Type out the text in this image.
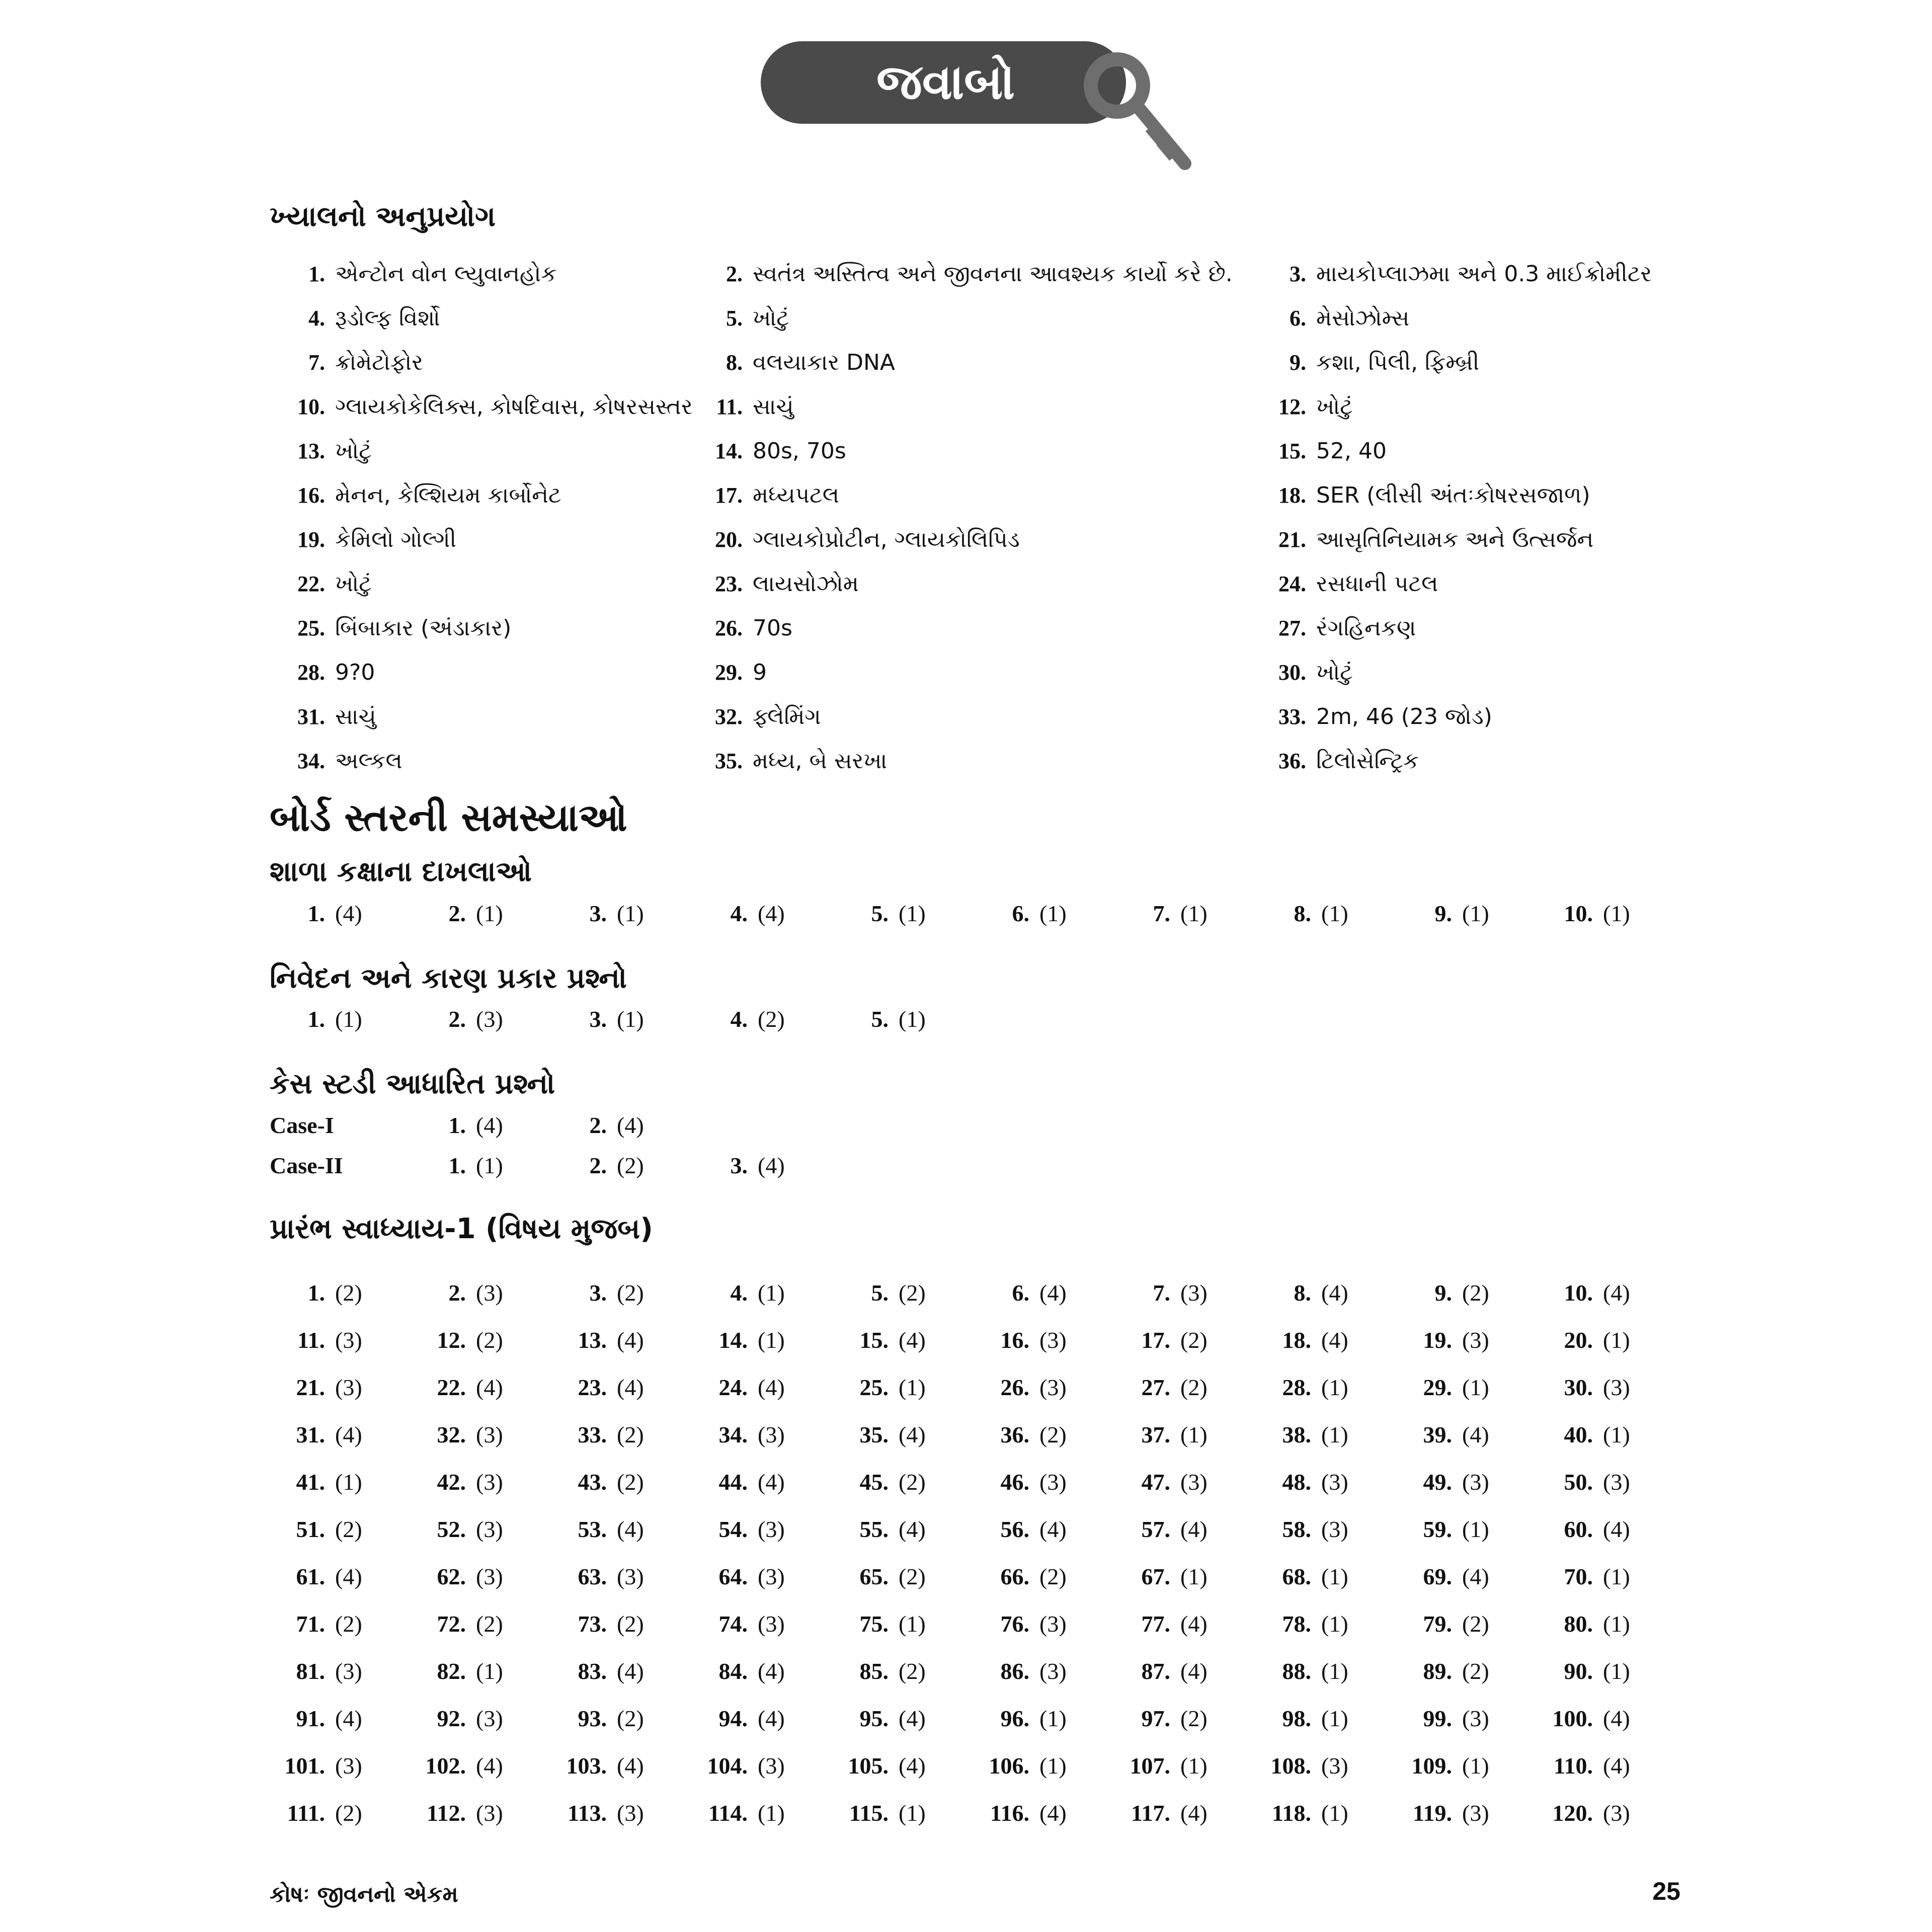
જવાબો
ખ્યાલનો અનુપ્રયોગ
1. એન્ટોન વોન લ્યુવાનહોક	2. સ્વતંત્ર અસ્તિત્વ અને જીવનના આવશ્યક કાર્યો કરે છે.	3. માયકોપ્લાઝમા અને 0.3 માઈક્રોમીટર
4. રૂડોલ્ફ વિર્શો	5. ખોટું	6. મેસોઝોમ્સ
7. ક્રોમેટોફોર	8. વલયાકાર DNA	9. કશા, પિલી, ફિમ્બ્રી
10. ગ્લાયકોકેલિક્સ, કોષદિવાસ, કોષરસસ્તર	11. સાચું	12. ખોટું
13. ખોટું	14. 80s, 70s	15. 52, 40
16. મેનન, કેલ્શિયમ કાર્બોનેટ	17. મધ્યપટલ	18. SER (લીસી અંતઃકોષરસજાળ)
19. કેમિલો ગોલ્ગી	20. ગ્લાયકોપ્રોટીન, ગ્લાયકોલિપિડ	21. આસૃતિનિયામક અને ઉત્સર્જન
22. ખોટું	23. લાયસોઝોમ	24. રસધાની પટલ
25. બિંબાકાર (અંડાકાર)	26. 70s	27. રંગહિનકણ
28. 9?0	29. 9	30. ખોટું
31. સાચું	32. ફ્લેમિંગ	33. 2m, 46 (23 જોડ)
34. અલ્કલ	35. મધ્ય, બે સરખા	36. ટિલોસેન્ટ્રિક
બોર્ડ સ્તરની સમસ્યાઓ
શાળા કક્ષાના દાખલાઓ
1. (4)	2. (1)	3. (1)	4. (4)	5. (1)	6. (1)	7. (1)	8. (1)	9. (1)	10. (1)
નિવેદન અને કારણ પ્રકાર પ્રશ્નો
1. (1)	2. (3)	3. (1)	4. (2)	5. (1)
કેસ સ્ટડી આધારિત પ્રશ્નો
Case-I	1. (4)	2. (4)
Case-II	1. (1)	2. (2)	3. (4)
પ્રારંભ સ્વાધ્યાય-1 (વિષય મુજબ)
1. (2)	2. (3)	3. (2)	4. (1)	5. (2)	6. (4)	7. (3)	8. (4)	9. (2)	10. (4)
11. (3)	12. (2)	13. (4)	14. (1)	15. (4)	16. (3)	17. (2)	18. (4)	19. (3)	20. (1)
21. (3)	22. (4)	23. (4)	24. (4)	25. (1)	26. (3)	27. (2)	28. (1)	29. (1)	30. (3)
31. (4)	32. (3)	33. (2)	34. (3)	35. (4)	36. (2)	37. (1)	38. (1)	39. (4)	40. (1)
41. (1)	42. (3)	43. (2)	44. (4)	45. (2)	46. (3)	47. (3)	48. (3)	49. (3)	50. (3)
51. (2)	52. (3)	53. (4)	54. (3)	55. (4)	56. (4)	57. (4)	58. (3)	59. (1)	60. (4)
61. (4)	62. (3)	63. (3)	64. (3)	65. (2)	66. (2)	67. (1)	68. (1)	69. (4)	70. (1)
71. (2)	72. (2)	73. (2)	74. (3)	75. (1)	76. (3)	77. (4)	78. (1)	79. (2)	80. (1)
81. (3)	82. (1)	83. (4)	84. (4)	85. (2)	86. (3)	87. (4)	88. (1)	89. (2)	90. (1)
91. (4)	92. (3)	93. (2)	94. (4)	95. (4)	96. (1)	97. (2)	98. (1)	99. (3)	100. (4)
101. (3)	102. (4)	103. (4)	104. (3)	105. (4)	106. (1)	107. (1)	108. (3)	109. (1)	110. (4)
111. (2)	112. (3)	113. (3)	114. (1)	115. (1)	116. (4)	117. (4)	118. (1)	119. (3)	120. (3)
કોષઃ જીવનનો એકમ	25
